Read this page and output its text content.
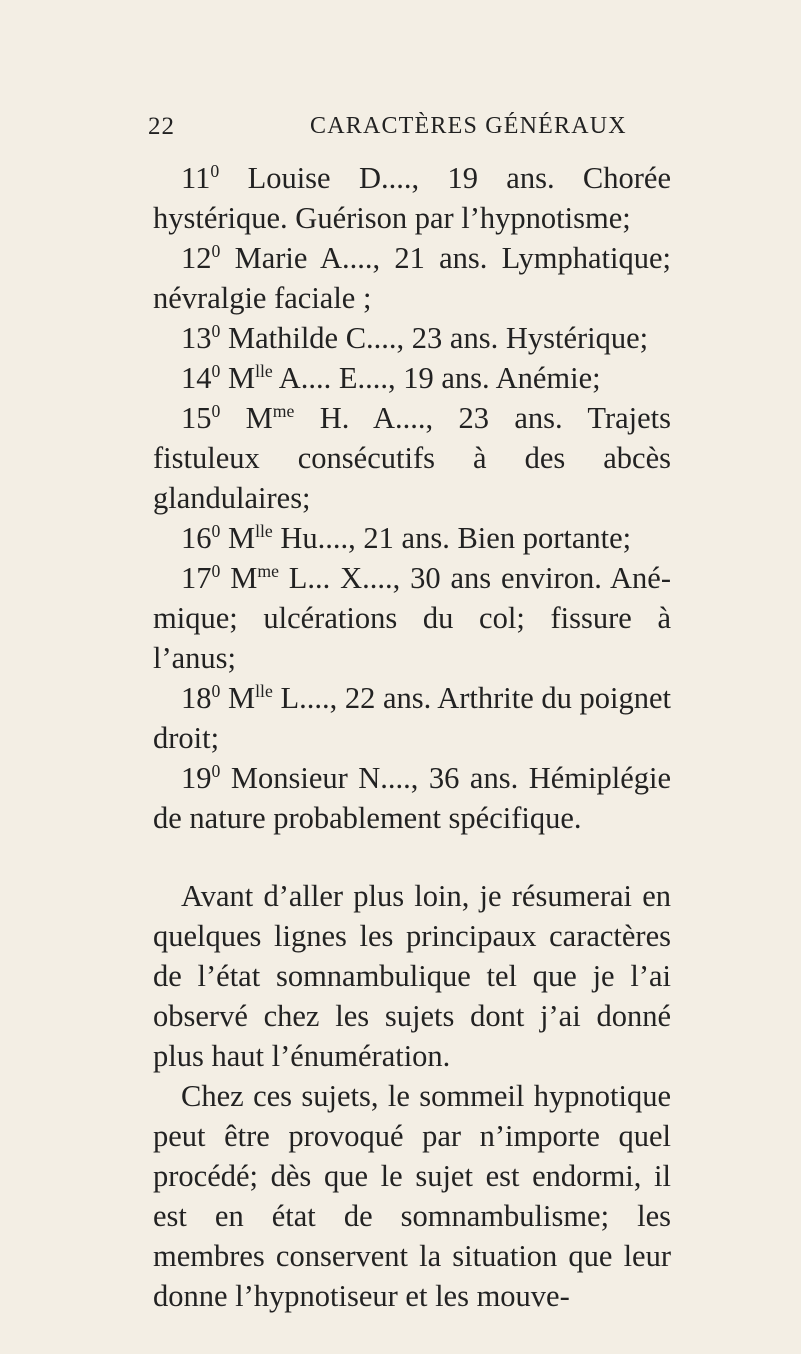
22	CARACTÈRES GÉNÉRAUX

$11^0$ Louise D...., 19 ans. Chorée hystérique. Guérison par l’hypnotisme;

$12^0$ Marie A...., 21 ans. Lymphatique; névralgie faciale ;

$13^0$ Mathilde C...., 23 ans. Hystérique;

$14^0$ $M^{lle}$ A.... E...., 19 ans. Anémie;

$15^0$ $M^{me}$ H. A...., 23 ans. Trajets fistuleux consécutifs à des abcès glandulaires;

$16^0$ $M^{lle}$ Hu...., 21 ans. Bien portante;

$17^0$ $M^{me}$ L... X...., 30 ans environ. Anémique; ulcérations du col; fissure à l’anus;

$18^0$ $M^{lle}$ L...., 22 ans. Arthrite du poignet droit;

$19^0$ Monsieur N...., 36 ans. Hémiplégie de nature probablement spécifique.

Avant d’aller plus loin, je résumerai en quelques lignes les principaux caractères de l’état somnambulique tel que je l’ai observé chez les sujets dont j’ai donné plus haut l’énumération.

Chez ces sujets, le sommeil hypnotique peut être provoqué par n’importe quel procédé; dès que le sujet est endormi, il est en état de somnambulisme; les membres conservent la situation que leur donne l’hypnotiseur et les mouve-
